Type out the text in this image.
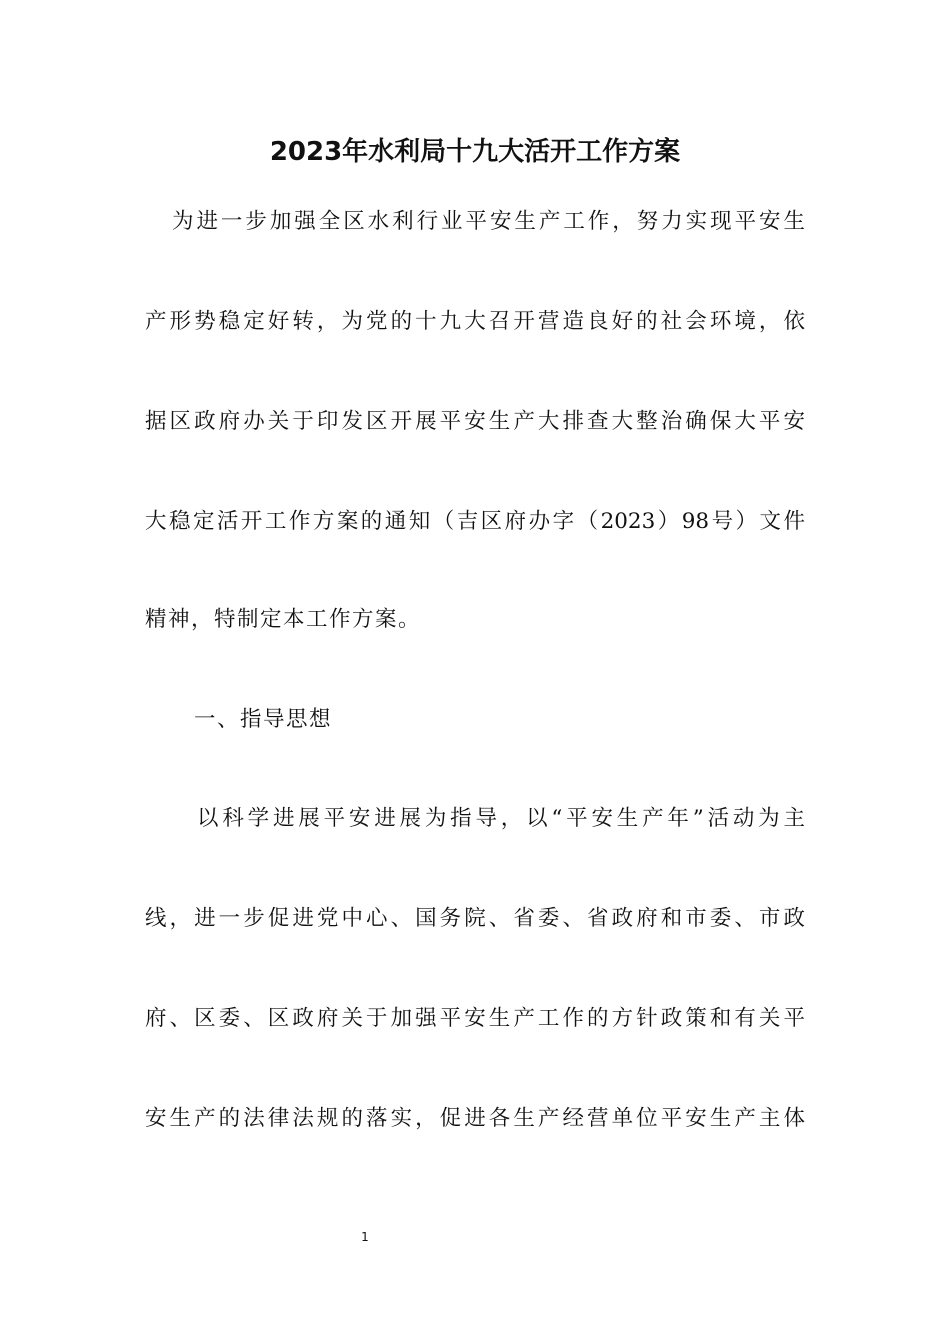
2023年水利局十九大活开工作方案
为进一步加强全区水利行业平安生产工作，努力实现平安生
产形势稳定好转，为党的十九大召开营造良好的社会环境，依
据区政府办关于印发区开展平安生产大排查大整治确保大平安
大稳定活开工作方案的通知（吉区府办字（2023）98号）文件
精神，特制定本工作方案。
一、指导思想
以科学进展平安进展为指导，以“平安生产年”活动为主
线，进一步促进党中心、国务院、省委、省政府和市委、市政
府、区委、区政府关于加强平安生产工作的方针政策和有关平
安生产的法律法规的落实，促进各生产经营单位平安生产主体
1
